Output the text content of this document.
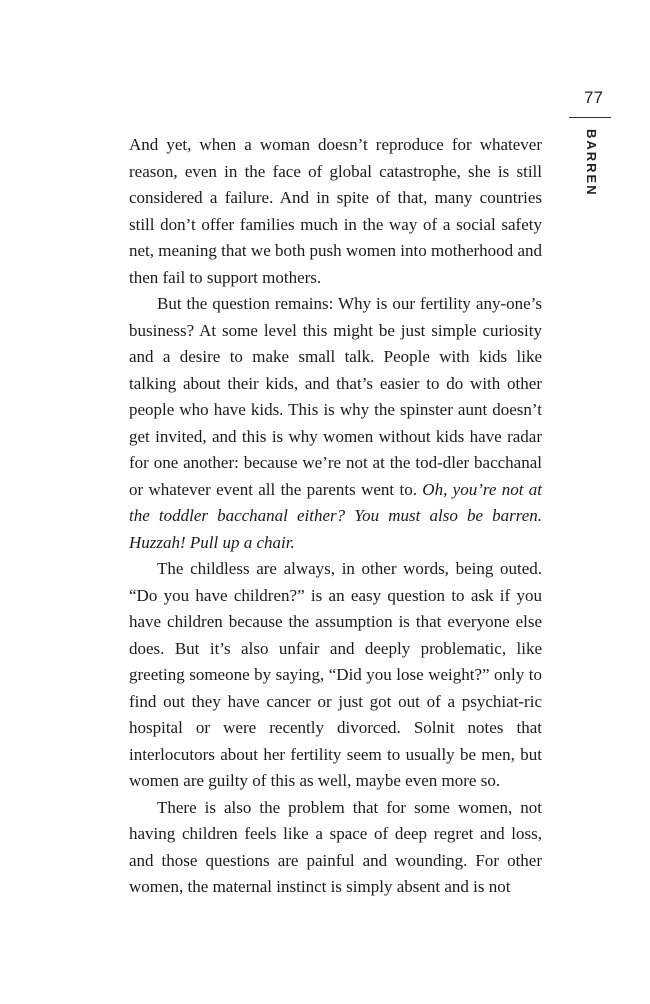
77
BARREN

And yet, when a woman doesn’t reproduce for whatever reason, even in the face of global catastrophe, she is still considered a failure. And in spite of that, many countries still don’t offer families much in the way of a social safety net, meaning that we both push women into motherhood and then fail to support mothers.

But the question remains: Why is our fertility any-one’s business? At some level this might be just simple curiosity and a desire to make small talk. People with kids like talking about their kids, and that’s easier to do with other people who have kids. This is why the spinster aunt doesn’t get invited, and this is why women without kids have radar for one another: because we’re not at the tod-dler bacchanal or whatever event all the parents went to. Oh, you’re not at the toddler bacchanal either? You must also be barren. Huzzah! Pull up a chair.

The childless are always, in other words, being outed. “Do you have children?” is an easy question to ask if you have children because the assumption is that everyone else does. But it’s also unfair and deeply problematic, like greeting someone by saying, “Did you lose weight?” only to find out they have cancer or just got out of a psychiat-ric hospital or were recently divorced. Solnit notes that interlocutors about her fertility seem to usually be men, but women are guilty of this as well, maybe even more so.

There is also the problem that for some women, not having children feels like a space of deep regret and loss, and those questions are painful and wounding. For other women, the maternal instinct is simply absent and is not
